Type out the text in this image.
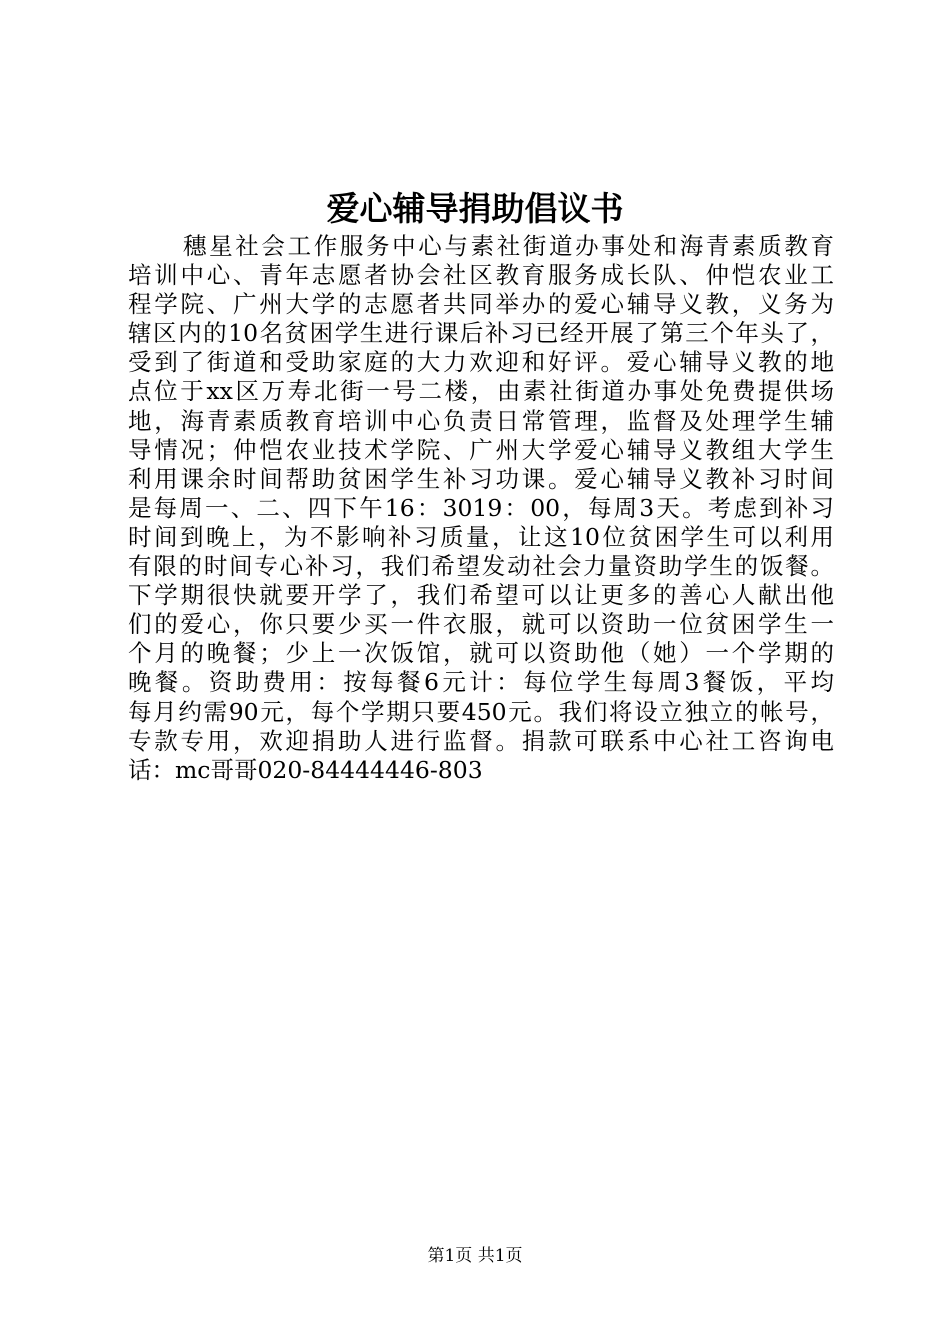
爱心辅导捐助倡议书
穗星社会工作服务中心与素社街道办事处和海青素质教育
培训中心、青年志愿者协会社区教育服务成长队、仲恺农业工
程学院、广州大学的志愿者共同举办的爱心辅导义教，义务为
辖区内的10名贫困学生进行课后补习已经开展了第三个年头了，
受到了街道和受助家庭的大力欢迎和好评。爱心辅导义教的地
点位于xx区万寿北街一号二楼，由素社街道办事处免费提供场
地，海青素质教育培训中心负责日常管理，监督及处理学生辅
导情况；仲恺农业技术学院、广州大学爱心辅导义教组大学生
利用课余时间帮助贫困学生补习功课。爱心辅导义教补习时间
是每周一、二、四下午16：3019：00，每周3天。考虑到补习
时间到晚上，为不影响补习质量，让这10位贫困学生可以利用
有限的时间专心补习，我们希望发动社会力量资助学生的饭餐。
下学期很快就要开学了，我们希望可以让更多的善心人献出他
们的爱心，你只要少买一件衣服，就可以资助一位贫困学生一
个月的晚餐；少上一次饭馆，就可以资助他（她）一个学期的
晚餐。资助费用：按每餐6元计：每位学生每周3餐饭，平均
每月约需90元，每个学期只要450元。我们将设立独立的帐号，
专款专用，欢迎捐助人进行监督。捐款可联系中心社工咨询电
话：mc哥哥020-84444446-803
第1页 共1页
